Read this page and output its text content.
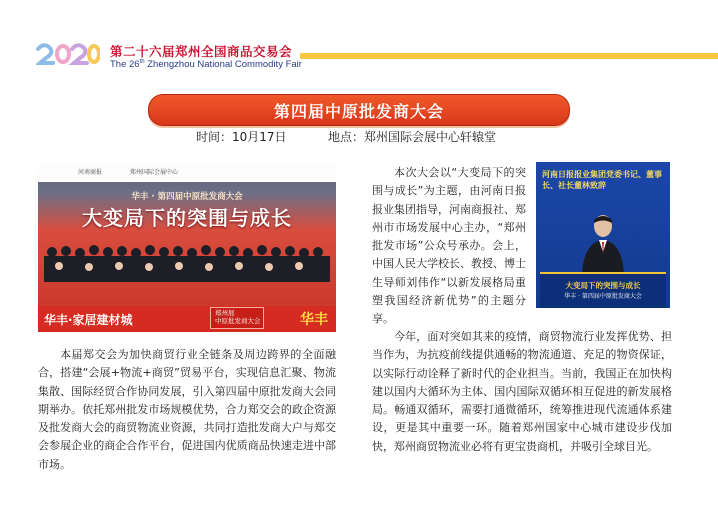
第二十六届郑州全国商品交易会
The 26th Zhengzhou National Commodity Fair
第四届中原批发商大会
时间：10月17日	地点：郑州国际会展中心轩辕堂
河南商报	郑州国际会展中心
华丰 · 第四届中原批发商大会
大变局下的突围与成长
华丰·家居建材城	郑州展
中原批发商大会	华丰
河南日报报业集团党委书记、董事长、社长董林致辞
大变局下的突围与成长
华丰 · 第四届中原批发商大会

本次大会以“大变局下的突围与成长”为主题，由河南日报报业集团指导，河南商报社、郑州市市场发展中心主办，“郑州批发市场”公众号承办。会上，中国人民大学校长、教授、博士生导师刘伟作“以新发展格局重塑我国经济新优势”的主题分享。

今年，面对突如其来的疫情，商贸物流行业发挥优势、担当作为，为抗疫前线提供通畅的物流通道、充足的物资保证，以实际行动诠释了新时代的企业担当。当前，我国正在加快构建以国内大循环为主体、国内国际双循环相互促进的新发展格局。畅通双循环，需要打通微循环，统筹推进现代流通体系建设，更是其中重要一环。随着郑州国家中心城市建设步伐加快，郑州商贸物流业必将有更宝贵商机，并吸引全球目光。

本届郑交会为加快商贸行业全链条及周边跨界的全面融合，搭建“会展+物流+商贸”贸易平台，实现信息汇聚、物流集散、国际经贸合作协同发展，引入第四届中原批发商大会同期举办。依托郑州批发市场规模优势，合力郑交会的政企资源及批发商大会的商贸物流业资源，共同打造批发商大户与郑交会参展企业的商企合作平台，促进国内优质商品快速走进中部市场。
